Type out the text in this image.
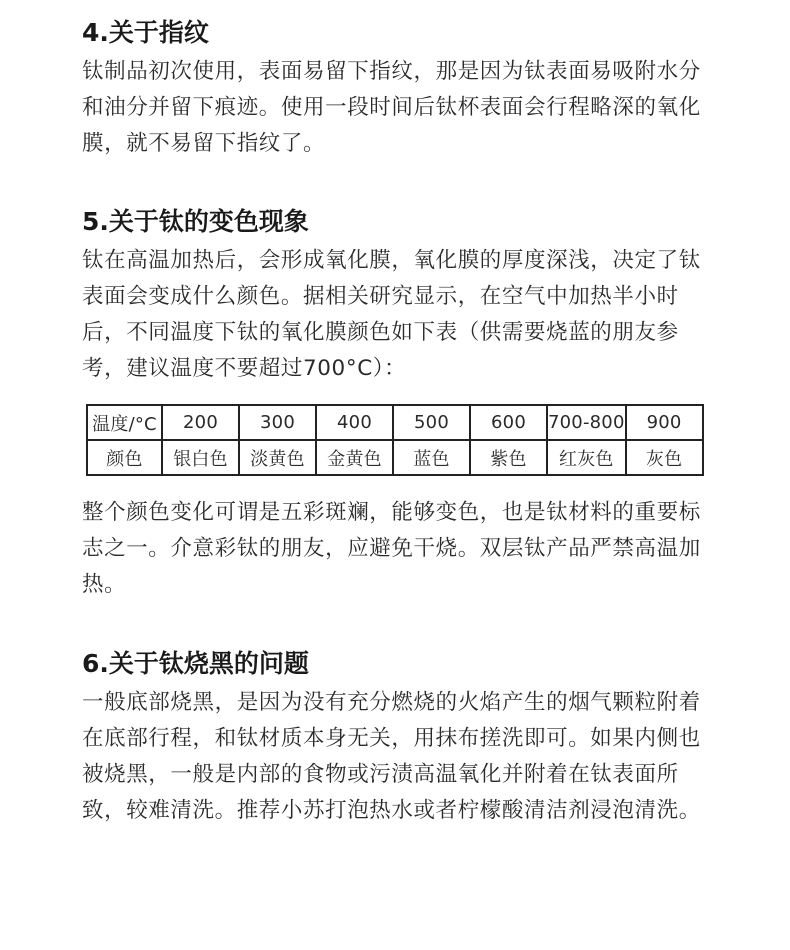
4.关于指纹

钛制品初次使用，表面易留下指纹，那是因为钛表面易吸附水分和油分并留下痕迹。使用一段时间后钛杯表面会行程略深的氧化膜，就不易留下指纹了。

5.关于钛的变色现象

钛在高温加热后，会形成氧化膜，氧化膜的厚度深浅，决定了钛表面会变成什么颜色。据相关研究显示，在空气中加热半小时后，不同温度下钛的氧化膜颜色如下表（供需要烧蓝的朋友参考，建议温度不要超过700°C）：

温度/°C	200	300	400	500	600	700-800	900
颜色	银白色	淡黄色	金黄色	蓝色	紫色	红灰色	灰色

整个颜色变化可谓是五彩斑斓，能够变色，也是钛材料的重要标志之一。介意彩钛的朋友，应避免干烧。双层钛产品严禁高温加热。

6.关于钛烧黑的问题

一般底部烧黑，是因为没有充分燃烧的火焰产生的烟气颗粒附着在底部行程，和钛材质本身无关，用抹布搓洗即可。如果内侧也被烧黑，一般是内部的食物或污渍高温氧化并附着在钛表面所致，较难清洗。推荐小苏打泡热水或者柠檬酸清洁剂浸泡清洗。
